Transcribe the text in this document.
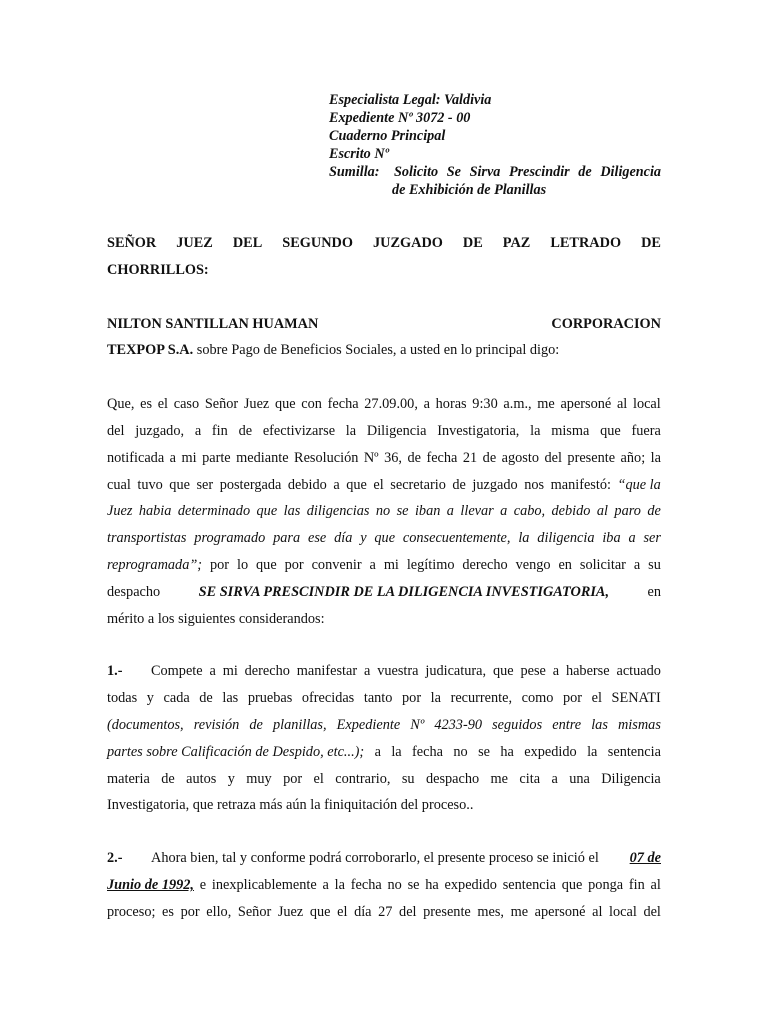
Especialista Legal: Valdivia
Expediente Nº 3072 - 00
Cuaderno Principal
Escrito Nº
Sumilla:	Solicito Se Sirva Prescindir de Diligencia
de Exhibición de Planillas
SEÑOR JUEZ DEL SEGUNDO JUZGADO DE PAZ LETRADO DE
CHORRILLOS:
NILTON SANTILLAN HUAMAN	CORPORACION
TEXPOP S.A. sobre Pago de Beneficios Sociales, a usted en lo principal digo:
Que, es el caso Señor Juez que con fecha 27.09.00, a horas 9:30 a.m., me apersoné al local
del juzgado, a fin de efectivizarse la Diligencia Investigatoria, la misma que fuera
notificada a mi parte mediante Resolución Nº 36, de fecha 21 de agosto del presente año; la
cual tuvo que ser postergada debido a que el secretario de juzgado nos manifestó: “que la
Juez habia determinado que las diligencias no se iban a llevar a cabo, debido al paro de
transportistas programado para ese día y que consecuentemente, la diligencia iba a ser
reprogramada”; por lo que por convenir a mi legítimo derecho vengo en solicitar a su
despacho	SE SIRVA PRESCINDIR DE LA DILIGENCIA INVESTIGATORIA,	en
mérito a los siguientes considerandos:
1.-	Compete a mi derecho manifestar a vuestra judicatura, que pese a haberse actuado
todas y cada de las pruebas ofrecidas tanto por la recurrente, como por el SENATI
(documentos, revisión de planillas, Expediente Nº 4233-90 seguidos entre las mismas
partes sobre Calificación de Despido, etc...); a la fecha no se ha expedido la sentencia
materia de autos y muy por el contrario, su despacho me cita a una Diligencia
Investigatoria, que retraza más aún la finiquitación del proceso..
2.-	Ahora bien, tal y conforme podrá corroborarlo, el presente proceso se inició el	07 de
Junio de 1992, e inexplicablemente a la fecha no se ha expedido sentencia que ponga fin al
proceso; es por ello, Señor Juez que el día 27 del presente mes, me apersoné al local del
